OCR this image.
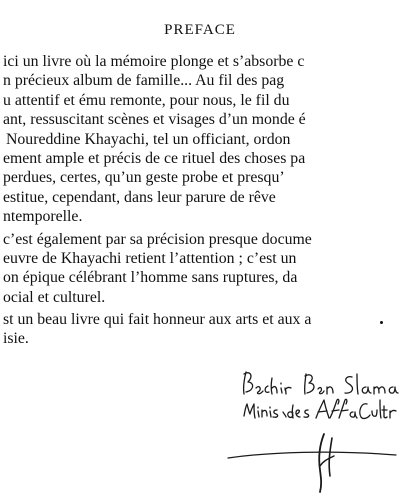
PREFACE
ici un livre où la mémoire plonge et s’absorbe c
n précieux album de famille... Au fil des pag
u attentif et ému remonte, pour nous, le fil du
ant, ressuscitant scènes et visages d’un monde é
Noureddine Khayachi, tel un officiant, ordon
ement ample et précis de ce rituel des choses pa
perdues, certes, qu’un geste probe et presqu’
estitue, cependant, dans leur parure de rêve
ntemporelle.
c’est également par sa précision presque docume
euvre de Khayachi retient l’attention ; c’est un
on épique célébrant l’homme sans ruptures, da
ocial et culturel.
st un beau livre qui fait honneur aux arts et aux a
isie.
